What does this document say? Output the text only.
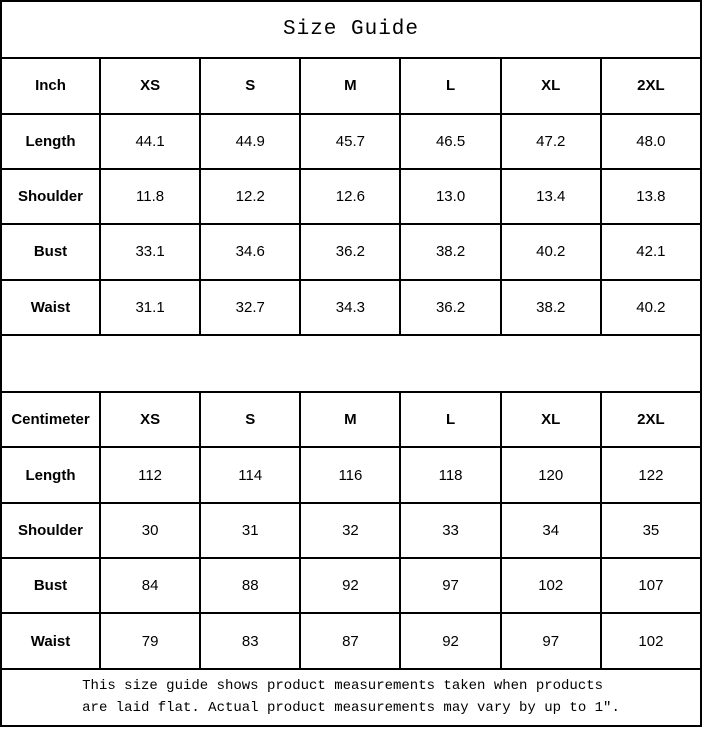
Size Guide
Inch	XS	S	M	L	XL	2XL
Length	44.1	44.9	45.7	46.5	47.2	48.0
Shoulder	11.8	12.2	12.6	13.0	13.4	13.8
Bust	33.1	34.6	36.2	38.2	40.2	42.1
Waist	31.1	32.7	34.3	36.2	38.2	40.2
Centimeter	XS	S	M	L	XL	2XL
Length	112	114	116	118	120	122
Shoulder	30	31	32	33	34	35
Bust	84	88	92	97	102	107
Waist	79	83	87	92	97	102
This size guide shows product measurements taken when products
are laid flat. Actual product measurements may vary by up to 1″.
